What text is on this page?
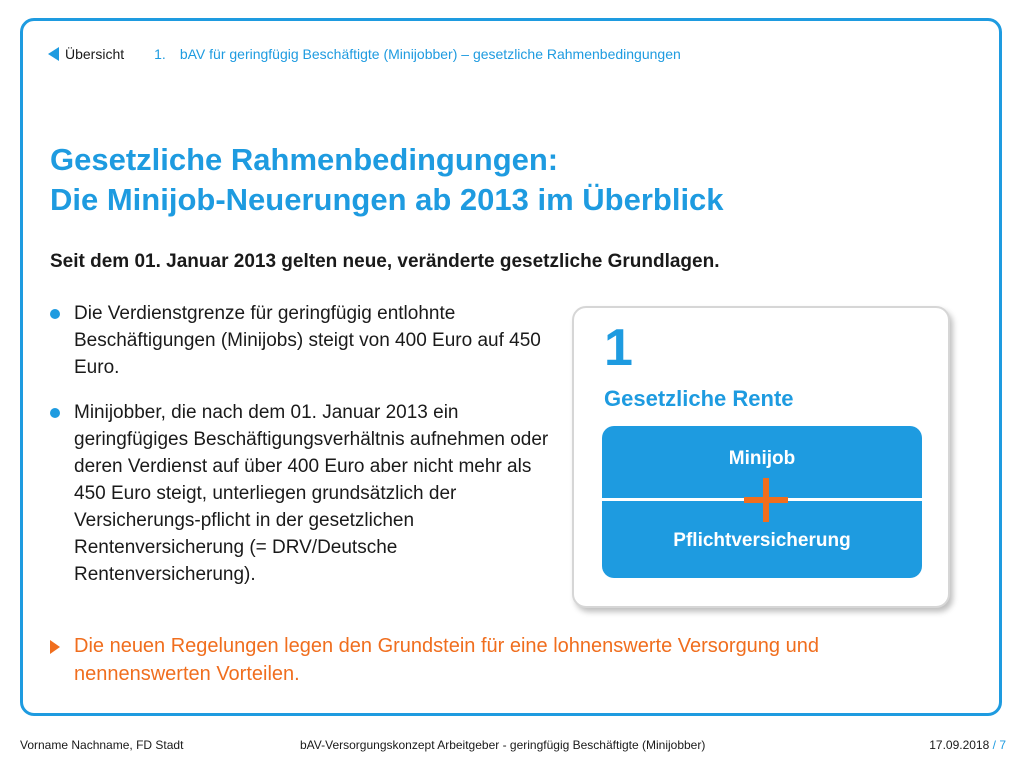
Übersicht 1. bAV für geringfügig Beschäftigte (Minijobber) – gesetzliche Rahmenbedingungen
Gesetzliche Rahmenbedingungen:
Die Minijob-Neuerungen ab 2013 im Überblick
Seit dem 01. Januar 2013 gelten neue, veränderte gesetzliche Grundlagen.
Die Verdienstgrenze für geringfügig entlohnte Beschäftigungen (Minijobs) steigt von 400 Euro auf 450 Euro.
Minijobber, die nach dem 01. Januar 2013 ein geringfügiges Beschäftigungsverhältnis aufnehmen oder deren Verdienst auf über 400 Euro aber nicht mehr als 450 Euro steigt, unterliegen grundsätzlich der Versicherungs-pflicht in der gesetzlichen Rentenversicherung (= DRV/Deutsche Rentenversicherung).
1
Gesetzliche Rente
Minijob
Pflichtversicherung
Die neuen Regelungen legen den Grundstein für eine lohnenswerte Versorgung und nennenswerten Vorteilen.
Vorname Nachname, FD Stadt	bAV-Versorgungskonzept Arbeitgeber - geringfügig Beschäftigte (Minijobber)	17.09.2018 / 7
